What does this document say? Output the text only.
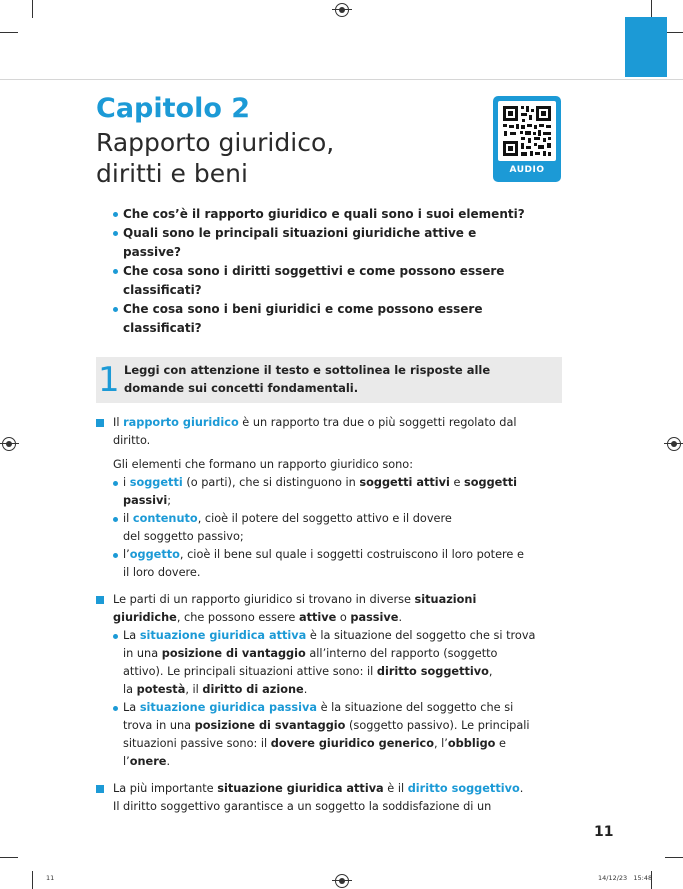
Capitolo 2
Rapporto giuridico,
diritti e beni	AUDIO
Che cos’è il rapporto giuridico e quali sono i suoi elementi?
Quali sono le principali situazioni giuridiche attive e
passive?
Che cosa sono i diritti soggettivi e come possono essere
classificati?
Che cosa sono i beni giuridici e come possono essere
classificati?
1 Leggi con attenzione il testo e sottolinea le risposte alle
domande sui concetti fondamentali.
Il rapporto giuridico è un rapporto tra due o più soggetti regolato dal
diritto.
Gli elementi che formano un rapporto giuridico sono:
i soggetti (o parti), che si distinguono in soggetti attivi e soggetti
passivi;
il contenuto, cioè il potere del soggetto attivo e il dovere
del soggetto passivo;
l’oggetto, cioè il bene sul quale i soggetti costruiscono il loro potere e
il loro dovere.
Le parti di un rapporto giuridico si trovano in diverse situazioni
giuridiche, che possono essere attive o passive.
La situazione giuridica attiva è la situazione del soggetto che si trova
in una posizione di vantaggio all’interno del rapporto (soggetto
attivo). Le principali situazioni attive sono: il diritto soggettivo,
la potestà, il diritto di azione.
La situazione giuridica passiva è la situazione del soggetto che si
trova in una posizione di svantaggio (soggetto passivo). Le principali
situazioni passive sono: il dovere giuridico generico, l’obbligo e
l’onere.
La più importante situazione giuridica attiva è il diritto soggettivo.
Il diritto soggettivo garantisce a un soggetto la soddisfazione di un
11
11	14/12/23   15:48
